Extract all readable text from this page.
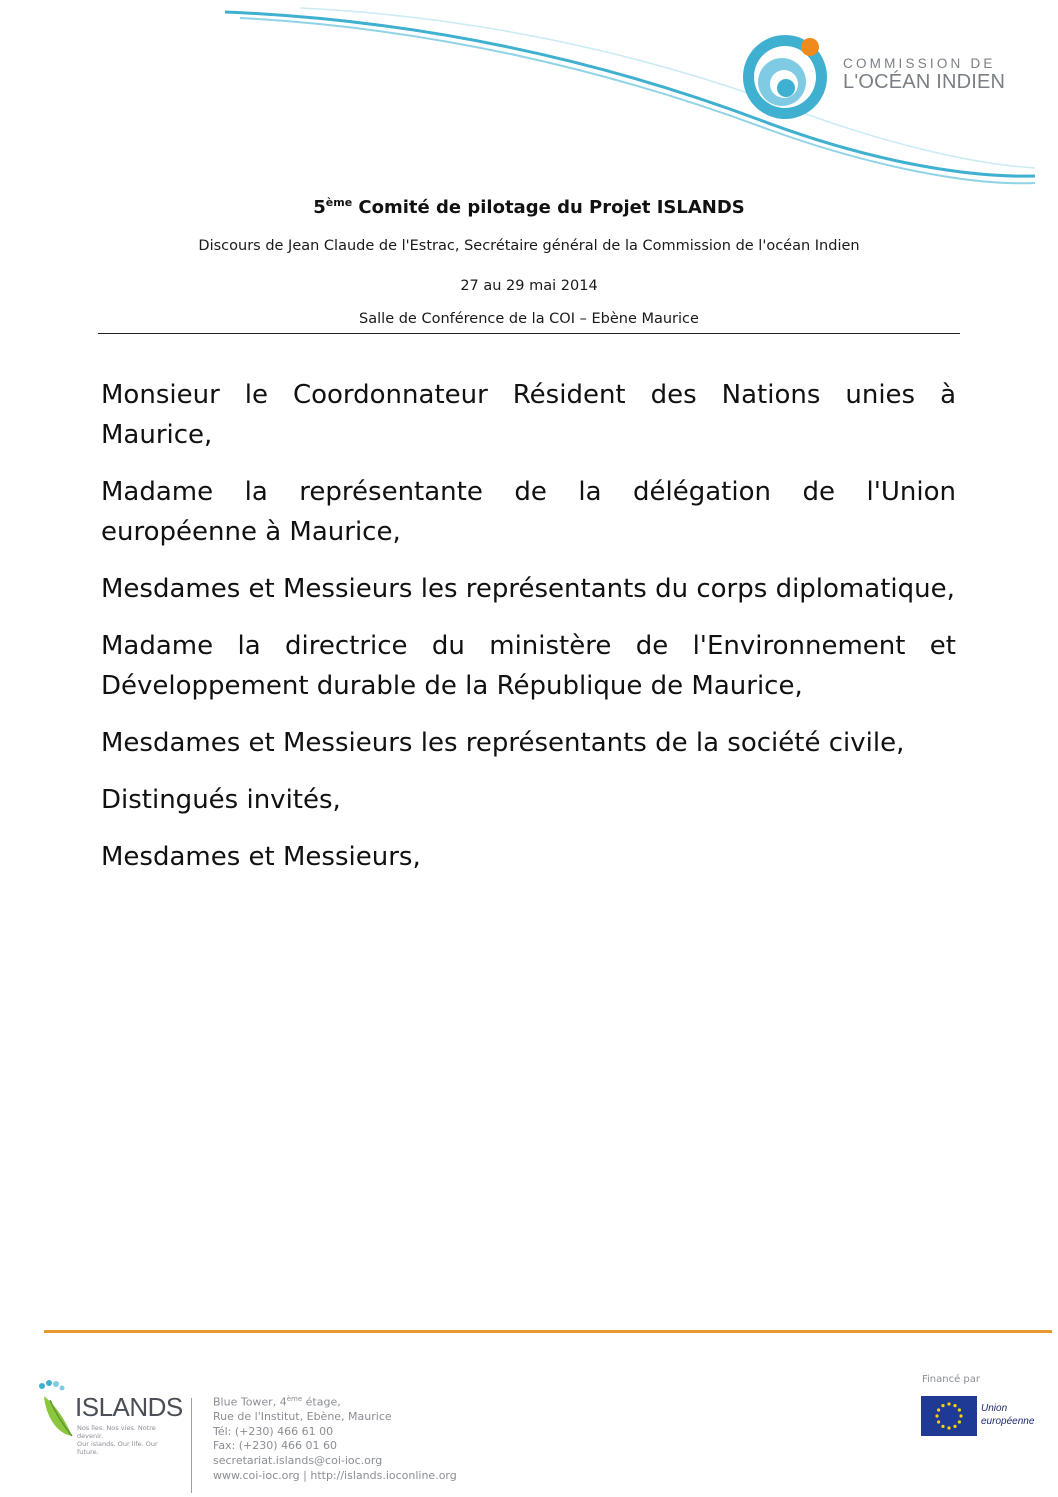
COMMISSION DE
L'OCÉAN INDIEN
5ème Comité de pilotage du Projet ISLANDS
Discours de Jean Claude de l'Estrac, Secrétaire général de la Commission de l'océan Indien
27 au 29 mai 2014
Salle de Conférence de la COI – Ebène Maurice

Monsieur le Coordonnateur Résident des Nations unies à Maurice,

Madame la représentante de la délégation de l'Union européenne à Maurice,

Mesdames et Messieurs les représentants du corps diplomatique,

Madame la directrice du ministère de l'Environnement et Développement durable de la République de Maurice,

Mesdames et Messieurs les représentants de la société civile,

Distingués invités,

Mesdames et Messieurs,

ISLANDS
Nos îles. Nos vies. Notre devenir.
Our islands. Our life. Our future.
Blue Tower, 4ème étage,
Rue de l'Institut, Ebène, Maurice
Tél: (+230) 466 61 00
Fax: (+230) 466 01 60
secretariat.islands@coi-ioc.org
www.coi-ioc.org | http://islands.ioconline.org
Financé par
Union
européenne
